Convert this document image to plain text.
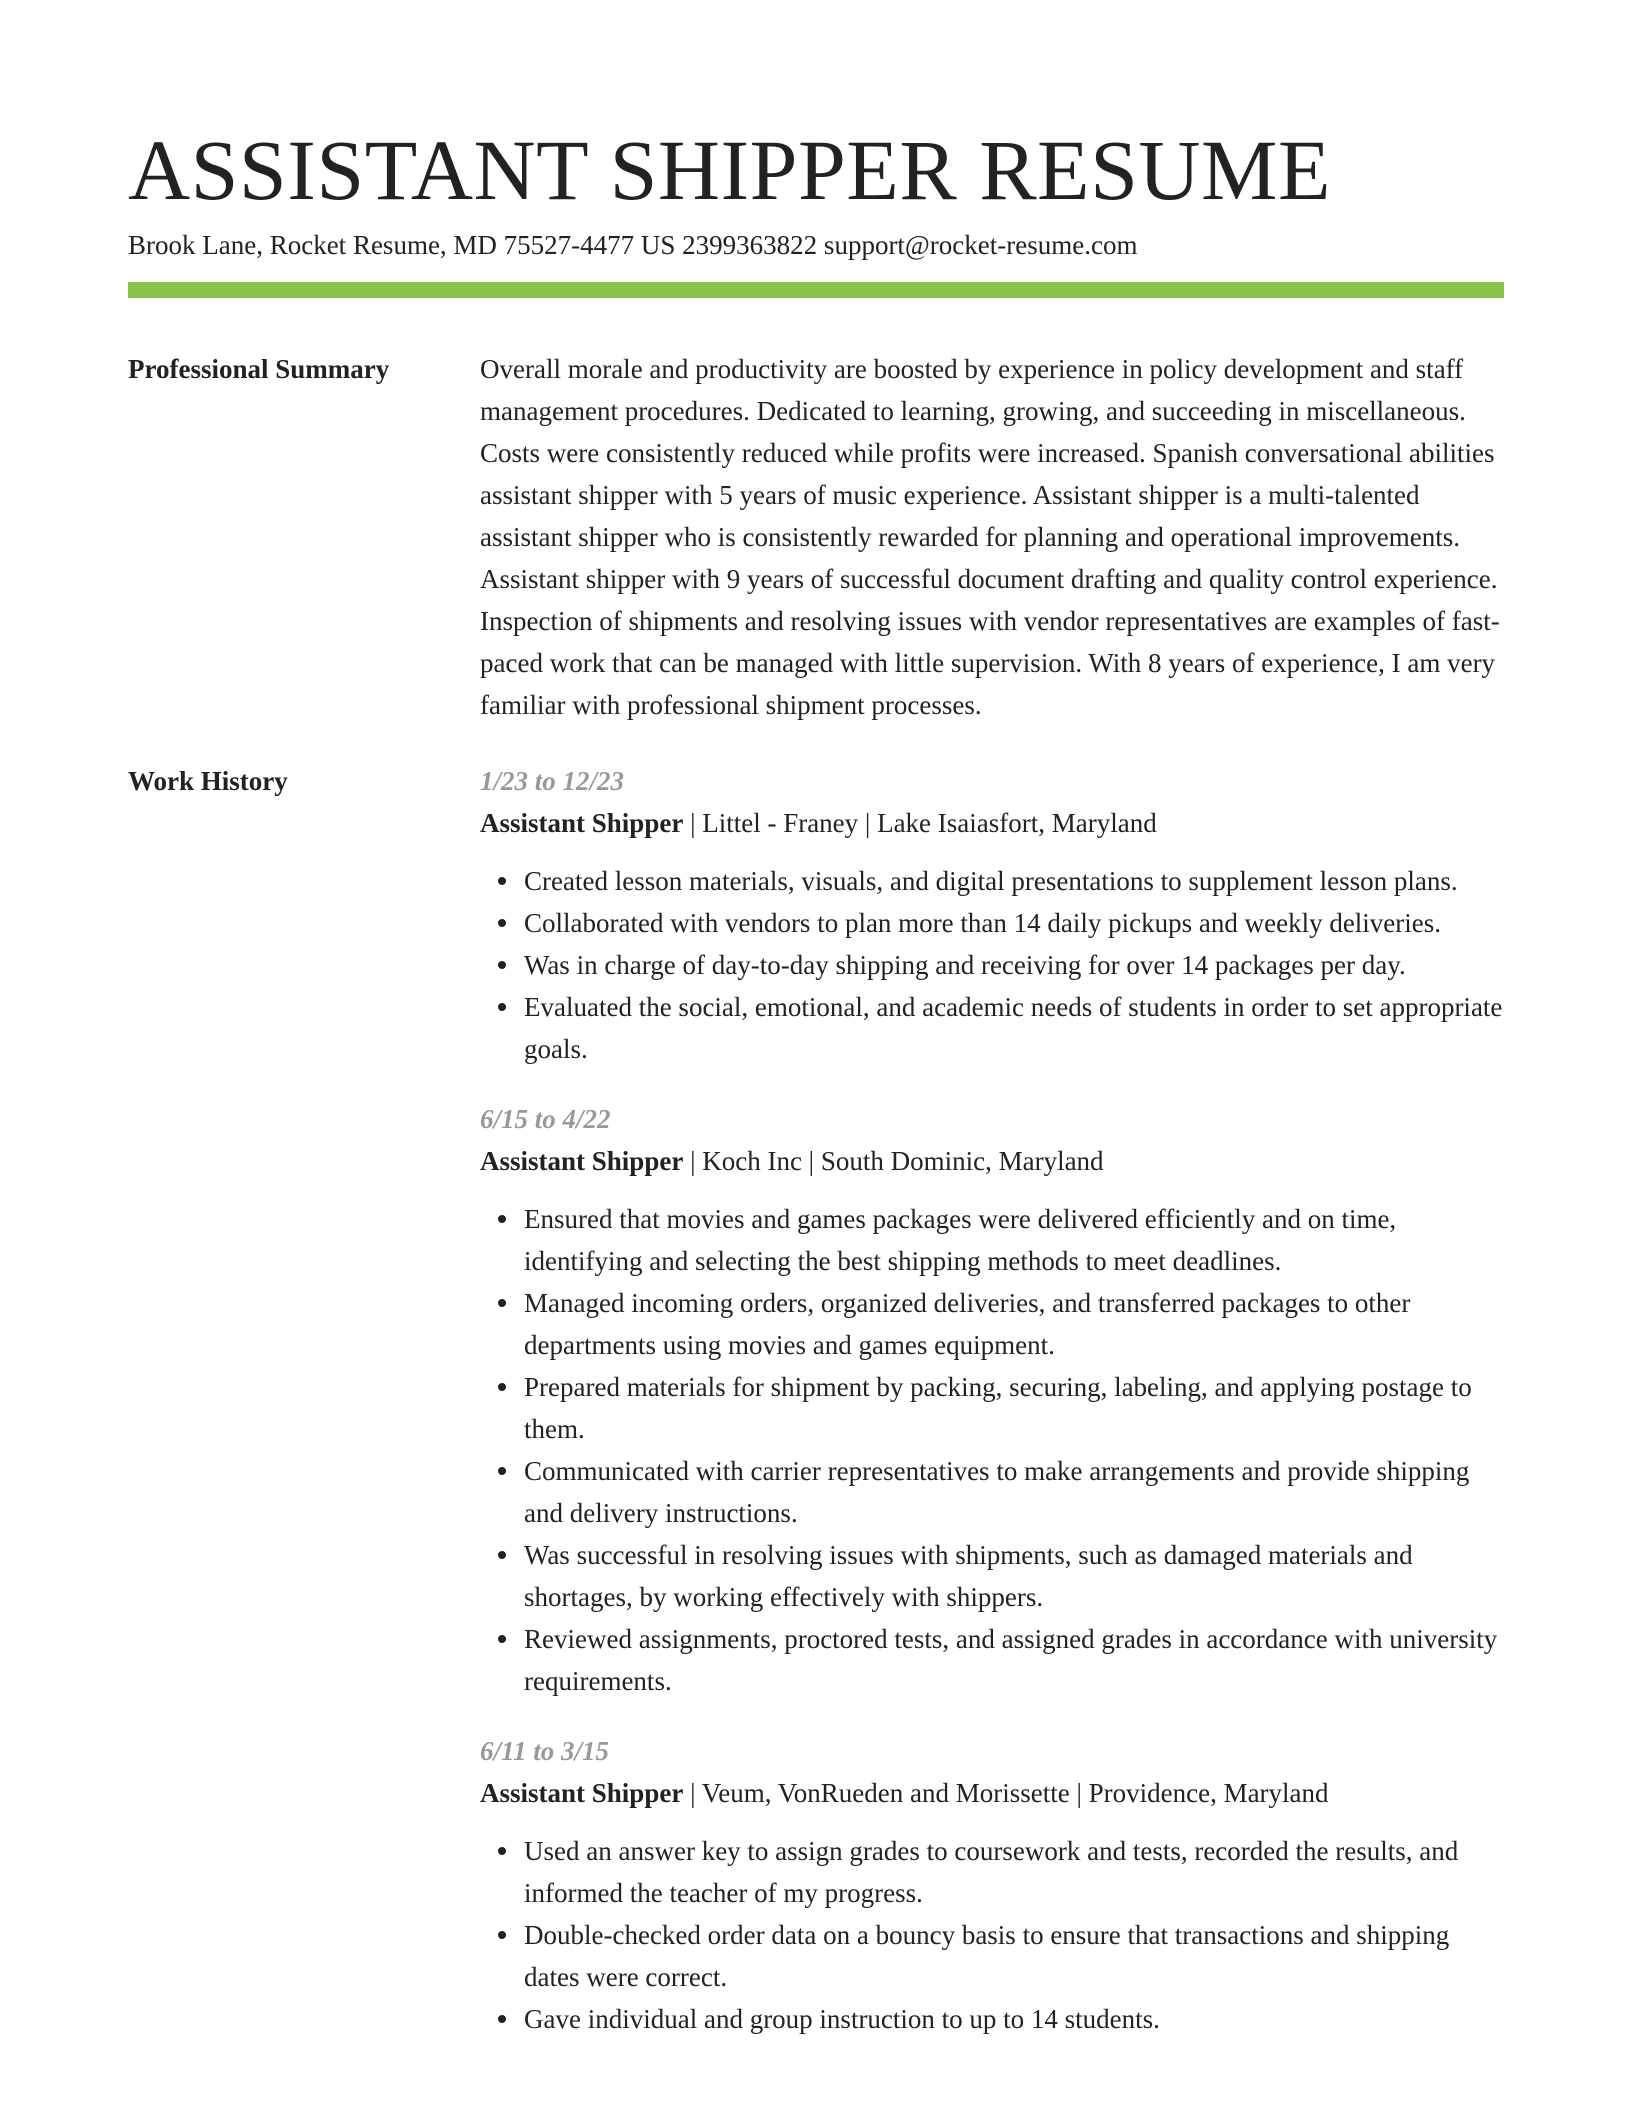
ASSISTANT SHIPPER RESUME
Brook Lane, Rocket Resume, MD 75527-4477 US 2399363822 support@rocket-resume.com
Professional Summary	Overall morale and productivity are boosted by experience in policy development and staff management procedures. Dedicated to learning, growing, and succeeding in miscellaneous. Costs were consistently reduced while profits were increased. Spanish conversational abilities assistant shipper with 5 years of music experience. Assistant shipper is a multi-talented assistant shipper who is consistently rewarded for planning and operational improvements. Assistant shipper with 9 years of successful document drafting and quality control experience. Inspection of shipments and resolving issues with vendor representatives are examples of fast-paced work that can be managed with little supervision. With 8 years of experience, I am very familiar with professional shipment processes.

Work History	1/23 to 12/23
Assistant Shipper | Littel - Franey | Lake Isaiasfort, Maryland
Created lesson materials, visuals, and digital presentations to supplement lesson plans.
Collaborated with vendors to plan more than 14 daily pickups and weekly deliveries.
Was in charge of day-to-day shipping and receiving for over 14 packages per day.
Evaluated the social, emotional, and academic needs of students in order to set appropriate goals.
6/15 to 4/22
Assistant Shipper | Koch Inc | South Dominic, Maryland
Ensured that movies and games packages were delivered efficiently and on time, identifying and selecting the best shipping methods to meet deadlines.
Managed incoming orders, organized deliveries, and transferred packages to other departments using movies and games equipment.
Prepared materials for shipment by packing, securing, labeling, and applying postage to them.
Communicated with carrier representatives to make arrangements and provide shipping and delivery instructions.
Was successful in resolving issues with shipments, such as damaged materials and shortages, by working effectively with shippers.
Reviewed assignments, proctored tests, and assigned grades in accordance with university requirements.
6/11 to 3/15
Assistant Shipper | Veum, VonRueden and Morissette | Providence, Maryland
Used an answer key to assign grades to coursework and tests, recorded the results, and informed the teacher of my progress.
Double-checked order data on a bouncy basis to ensure that transactions and shipping dates were correct.
Gave individual and group instruction to up to 14 students.
